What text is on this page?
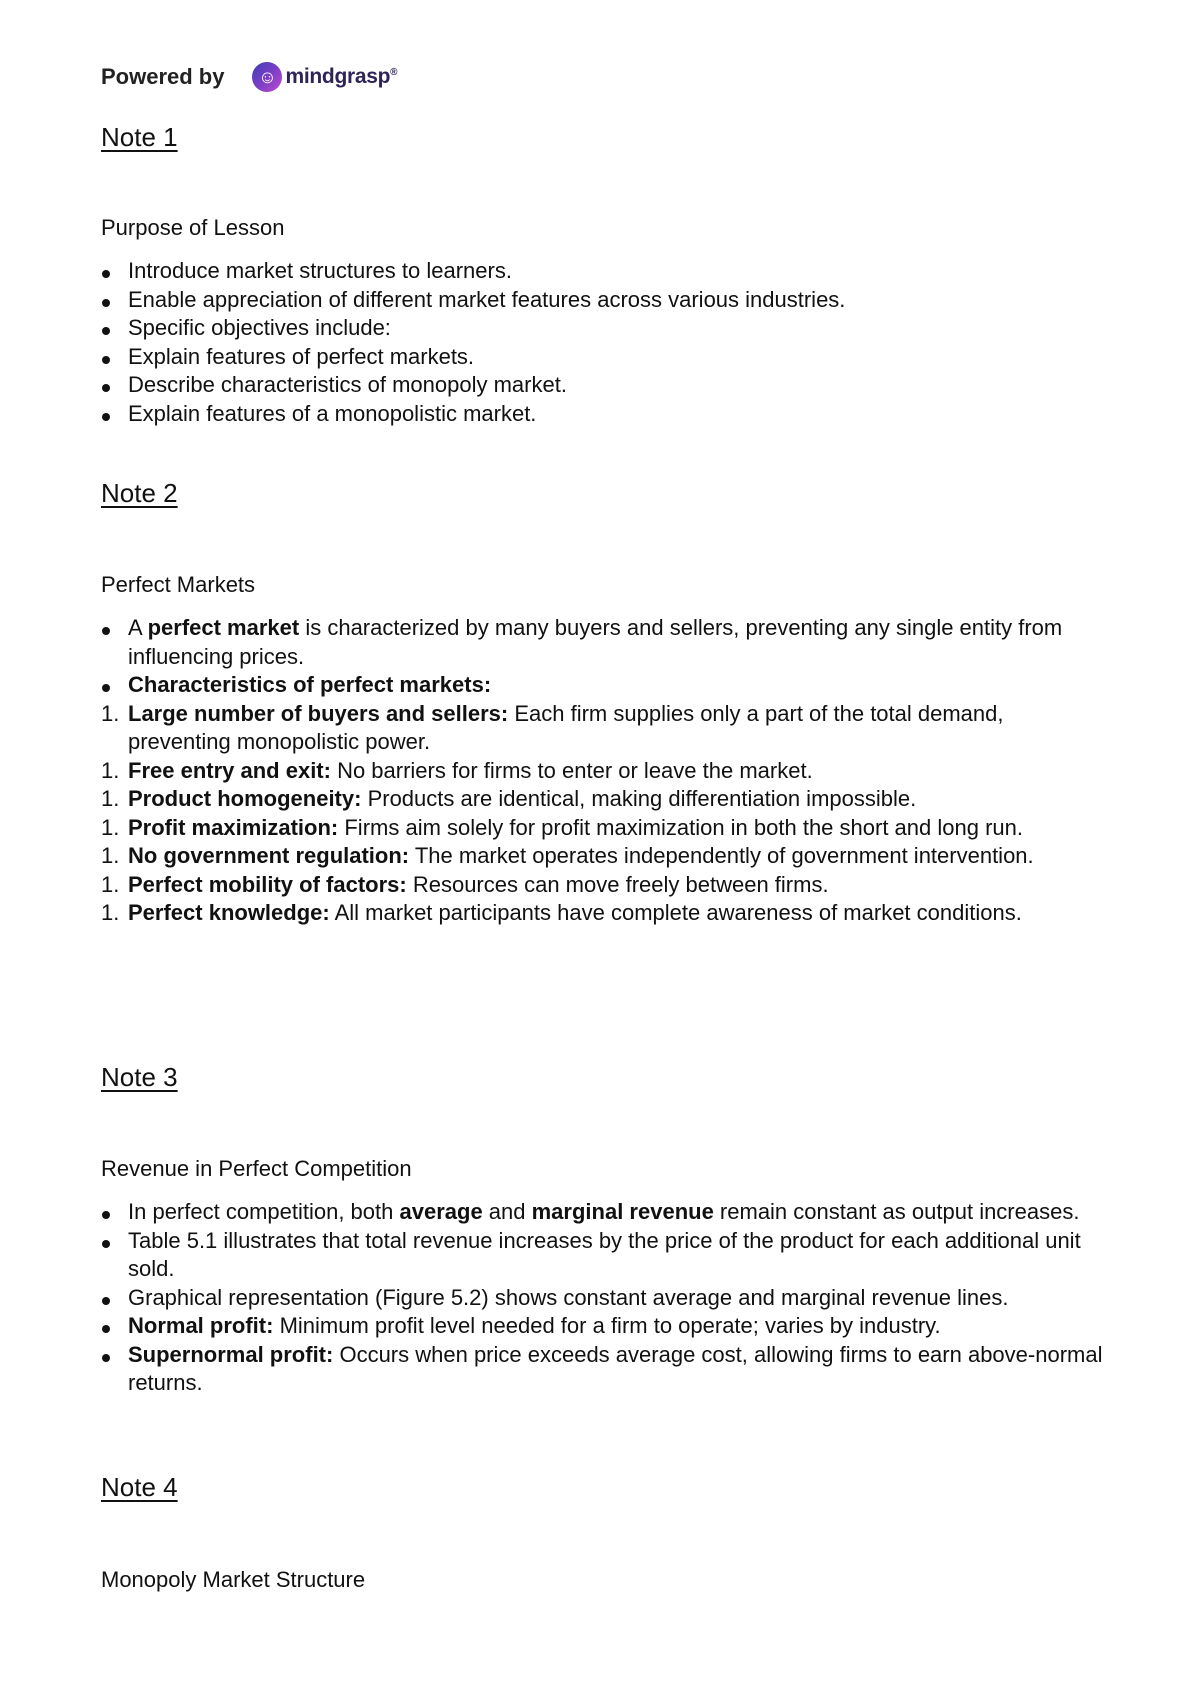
Powered by	☺ mindgrasp®
Note 1
Purpose of Lesson
Introduce market structures to learners.
Enable appreciation of different market features across various industries.
Specific objectives include:
Explain features of perfect markets.
Describe characteristics of monopoly market.
Explain features of a monopolistic market.
Note 2
Perfect Markets
A perfect market is characterized by many buyers and sellers, preventing any single entity from influencing prices.
Characteristics of perfect markets:
1. Large number of buyers and sellers: Each firm supplies only a part of the total demand, preventing monopolistic power.
1. Free entry and exit: No barriers for firms to enter or leave the market.
1. Product homogeneity: Products are identical, making differentiation impossible.
1. Profit maximization: Firms aim solely for profit maximization in both the short and long run.
1. No government regulation: The market operates independently of government intervention.
1. Perfect mobility of factors: Resources can move freely between firms.
1. Perfect knowledge: All market participants have complete awareness of market conditions.
Note 3
Revenue in Perfect Competition
In perfect competition, both average and marginal revenue remain constant as output increases.
Table 5.1 illustrates that total revenue increases by the price of the product for each additional unit sold.
Graphical representation (Figure 5.2) shows constant average and marginal revenue lines.
Normal profit: Minimum profit level needed for a firm to operate; varies by industry.
Supernormal profit: Occurs when price exceeds average cost, allowing firms to earn above-normal returns.
Note 4
Monopoly Market Structure
